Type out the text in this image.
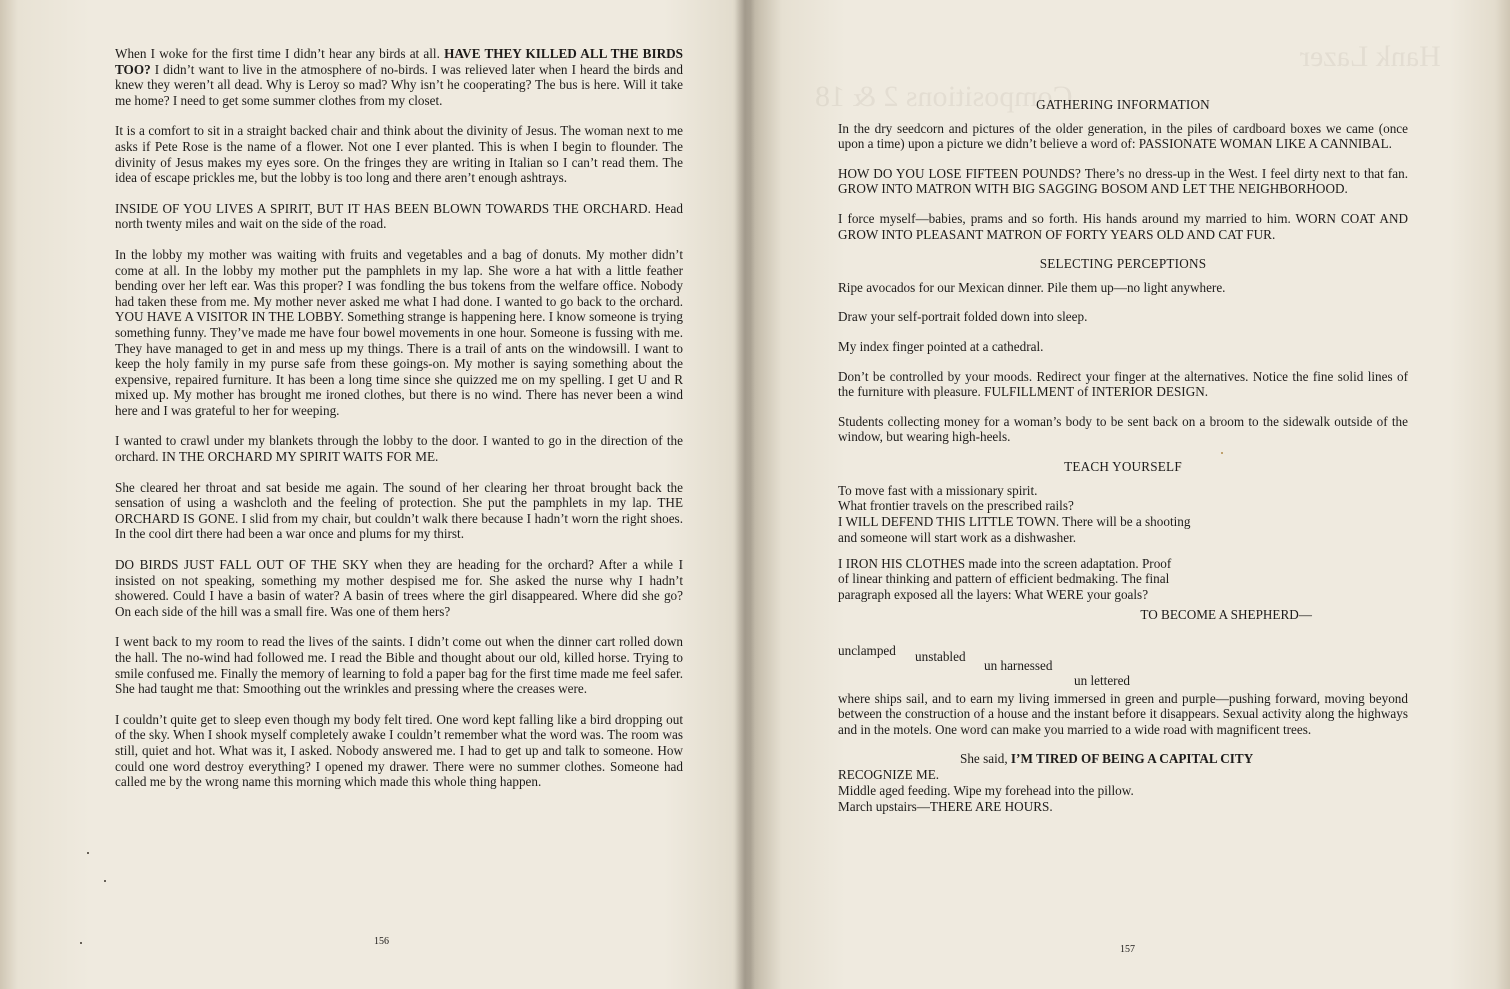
Hank Lazer
Compositions 2 & 18

When I woke for the first time I didn’t hear any birds at all. HAVE THEY KILLED ALL THE BIRDS TOO? I didn’t want to live in the atmosphere of no-birds. I was relieved later when I heard the birds and knew they weren’t all dead. Why is Leroy so mad? Why isn’t he cooperating? The bus is here. Will it take me home? I need to get some summer clothes from my closet.

It is a comfort to sit in a straight backed chair and think about the divinity of Jesus. The woman next to me asks if Pete Rose is the name of a flower. Not one I ever planted. This is when I begin to flounder. The divinity of Jesus makes my eyes sore. On the fringes they are writing in Italian so I can’t read them. The idea of escape prickles me, but the lobby is too long and there aren’t enough ashtrays.

INSIDE OF YOU LIVES A SPIRIT, BUT IT HAS BEEN BLOWN TOWARDS THE ORCHARD. Head north twenty miles and wait on the side of the road.

In the lobby my mother was waiting with fruits and vegetables and a bag of donuts. My mother didn’t come at all. In the lobby my mother put the pamphlets in my lap. She wore a hat with a little feather bending over her left ear. Was this proper? I was fondling the bus tokens from the welfare office. Nobody had taken these from me. My mother never asked me what I had done. I wanted to go back to the orchard. YOU HAVE A VISITOR IN THE LOBBY. Something strange is happening here. I know someone is trying something funny. They’ve made me have four bowel movements in one hour. Someone is fussing with me. They have managed to get in and mess up my things. There is a trail of ants on the windowsill. I want to keep the holy family in my purse safe from these goings-on. My mother is saying something about the expensive, repaired furniture. It has been a long time since she quizzed me on my spelling. I get U and R mixed up. My mother has brought me ironed clothes, but there is no wind. There has never been a wind here and I was grateful to her for weeping.

I wanted to crawl under my blankets through the lobby to the door. I wanted to go in the direction of the orchard. IN THE ORCHARD MY SPIRIT WAITS FOR ME.

She cleared her throat and sat beside me again. The sound of her clearing her throat brought back the sensation of using a washcloth and the feeling of protection. She put the pamphlets in my lap. THE ORCHARD IS GONE. I slid from my chair, but couldn’t walk there because I hadn’t worn the right shoes. In the cool dirt there had been a war once and plums for my thirst.

DO BIRDS JUST FALL OUT OF THE SKY when they are heading for the orchard? After a while I insisted on not speaking, something my mother despised me for. She asked the nurse why I hadn’t showered. Could I have a basin of water? A basin of trees where the girl disappeared. Where did she go? On each side of the hill was a small fire. Was one of them hers?

I went back to my room to read the lives of the saints. I didn’t come out when the dinner cart rolled down the hall. The no-wind had followed me. I read the Bible and thought about our old, killed horse. Trying to smile confused me. Finally the memory of learning to fold a paper bag for the first time made me feel safer. She had taught me that: Smoothing out the wrinkles and pressing where the creases were.

I couldn’t quite get to sleep even though my body felt tired. One word kept falling like a bird dropping out of the sky. When I shook myself completely awake I couldn’t remember what the word was. The room was still, quiet and hot. What was it, I asked. Nobody answered me. I had to get up and talk to someone. How could one word destroy everything? I opened my drawer. There were no summer clothes. Someone had called me by the wrong name this morning which made this whole thing happen.

156
GATHERING INFORMATION

In the dry seedcorn and pictures of the older generation, in the piles of cardboard boxes we came (once upon a time) upon a picture we didn’t believe a word of: PASSIONATE WOMAN LIKE A CANNIBAL.

HOW DO YOU LOSE FIFTEEN POUNDS? There’s no dress-up in the West. I feel dirty next to that fan. GROW INTO MATRON WITH BIG SAGGING BOSOM AND LET THE NEIGHBORHOOD.

I force myself—babies, prams and so forth. His hands around my married to him. WORN COAT AND GROW INTO PLEASANT MATRON OF FORTY YEARS OLD AND CAT FUR.

SELECTING PERCEPTIONS

Ripe avocados for our Mexican dinner. Pile them up—no light anywhere.

Draw your self-portrait folded down into sleep.

My index finger pointed at a cathedral.

Don’t be controlled by your moods. Redirect your finger at the alternatives. Notice the fine solid lines of the furniture with pleasure. FULFILLMENT of INTERIOR DESIGN.

Students collecting money for a woman’s body to be sent back on a broom to the sidewalk outside of the window, but wearing high-heels.

TEACH YOURSELF
To move fast with a missionary spirit.
What frontier travels on the prescribed rails?
I WILL DEFEND THIS LITTLE TOWN. There will be a shooting
and someone will start work as a dishwasher.
I IRON HIS CLOTHES made into the screen adaptation. Proof
of linear thinking and pattern of efficient bedmaking. The final
paragraph exposed all the layers: What WERE your goals?
TO BECOME A SHEPHERD—
unclamped unstabled
un harnessed
un lettered

where ships sail, and to earn my living immersed in green and purple—pushing forward, moving beyond between the construction of a house and the instant before it disappears. Sexual activity along the highways and in the motels. One word can make you married to a wide road with magnificent trees.

She said, I’M TIRED OF BEING A CAPITAL CITY
RECOGNIZE ME.
Middle aged feeding. Wipe my forehead into the pillow.
March upstairs—THERE ARE HOURS.
157
